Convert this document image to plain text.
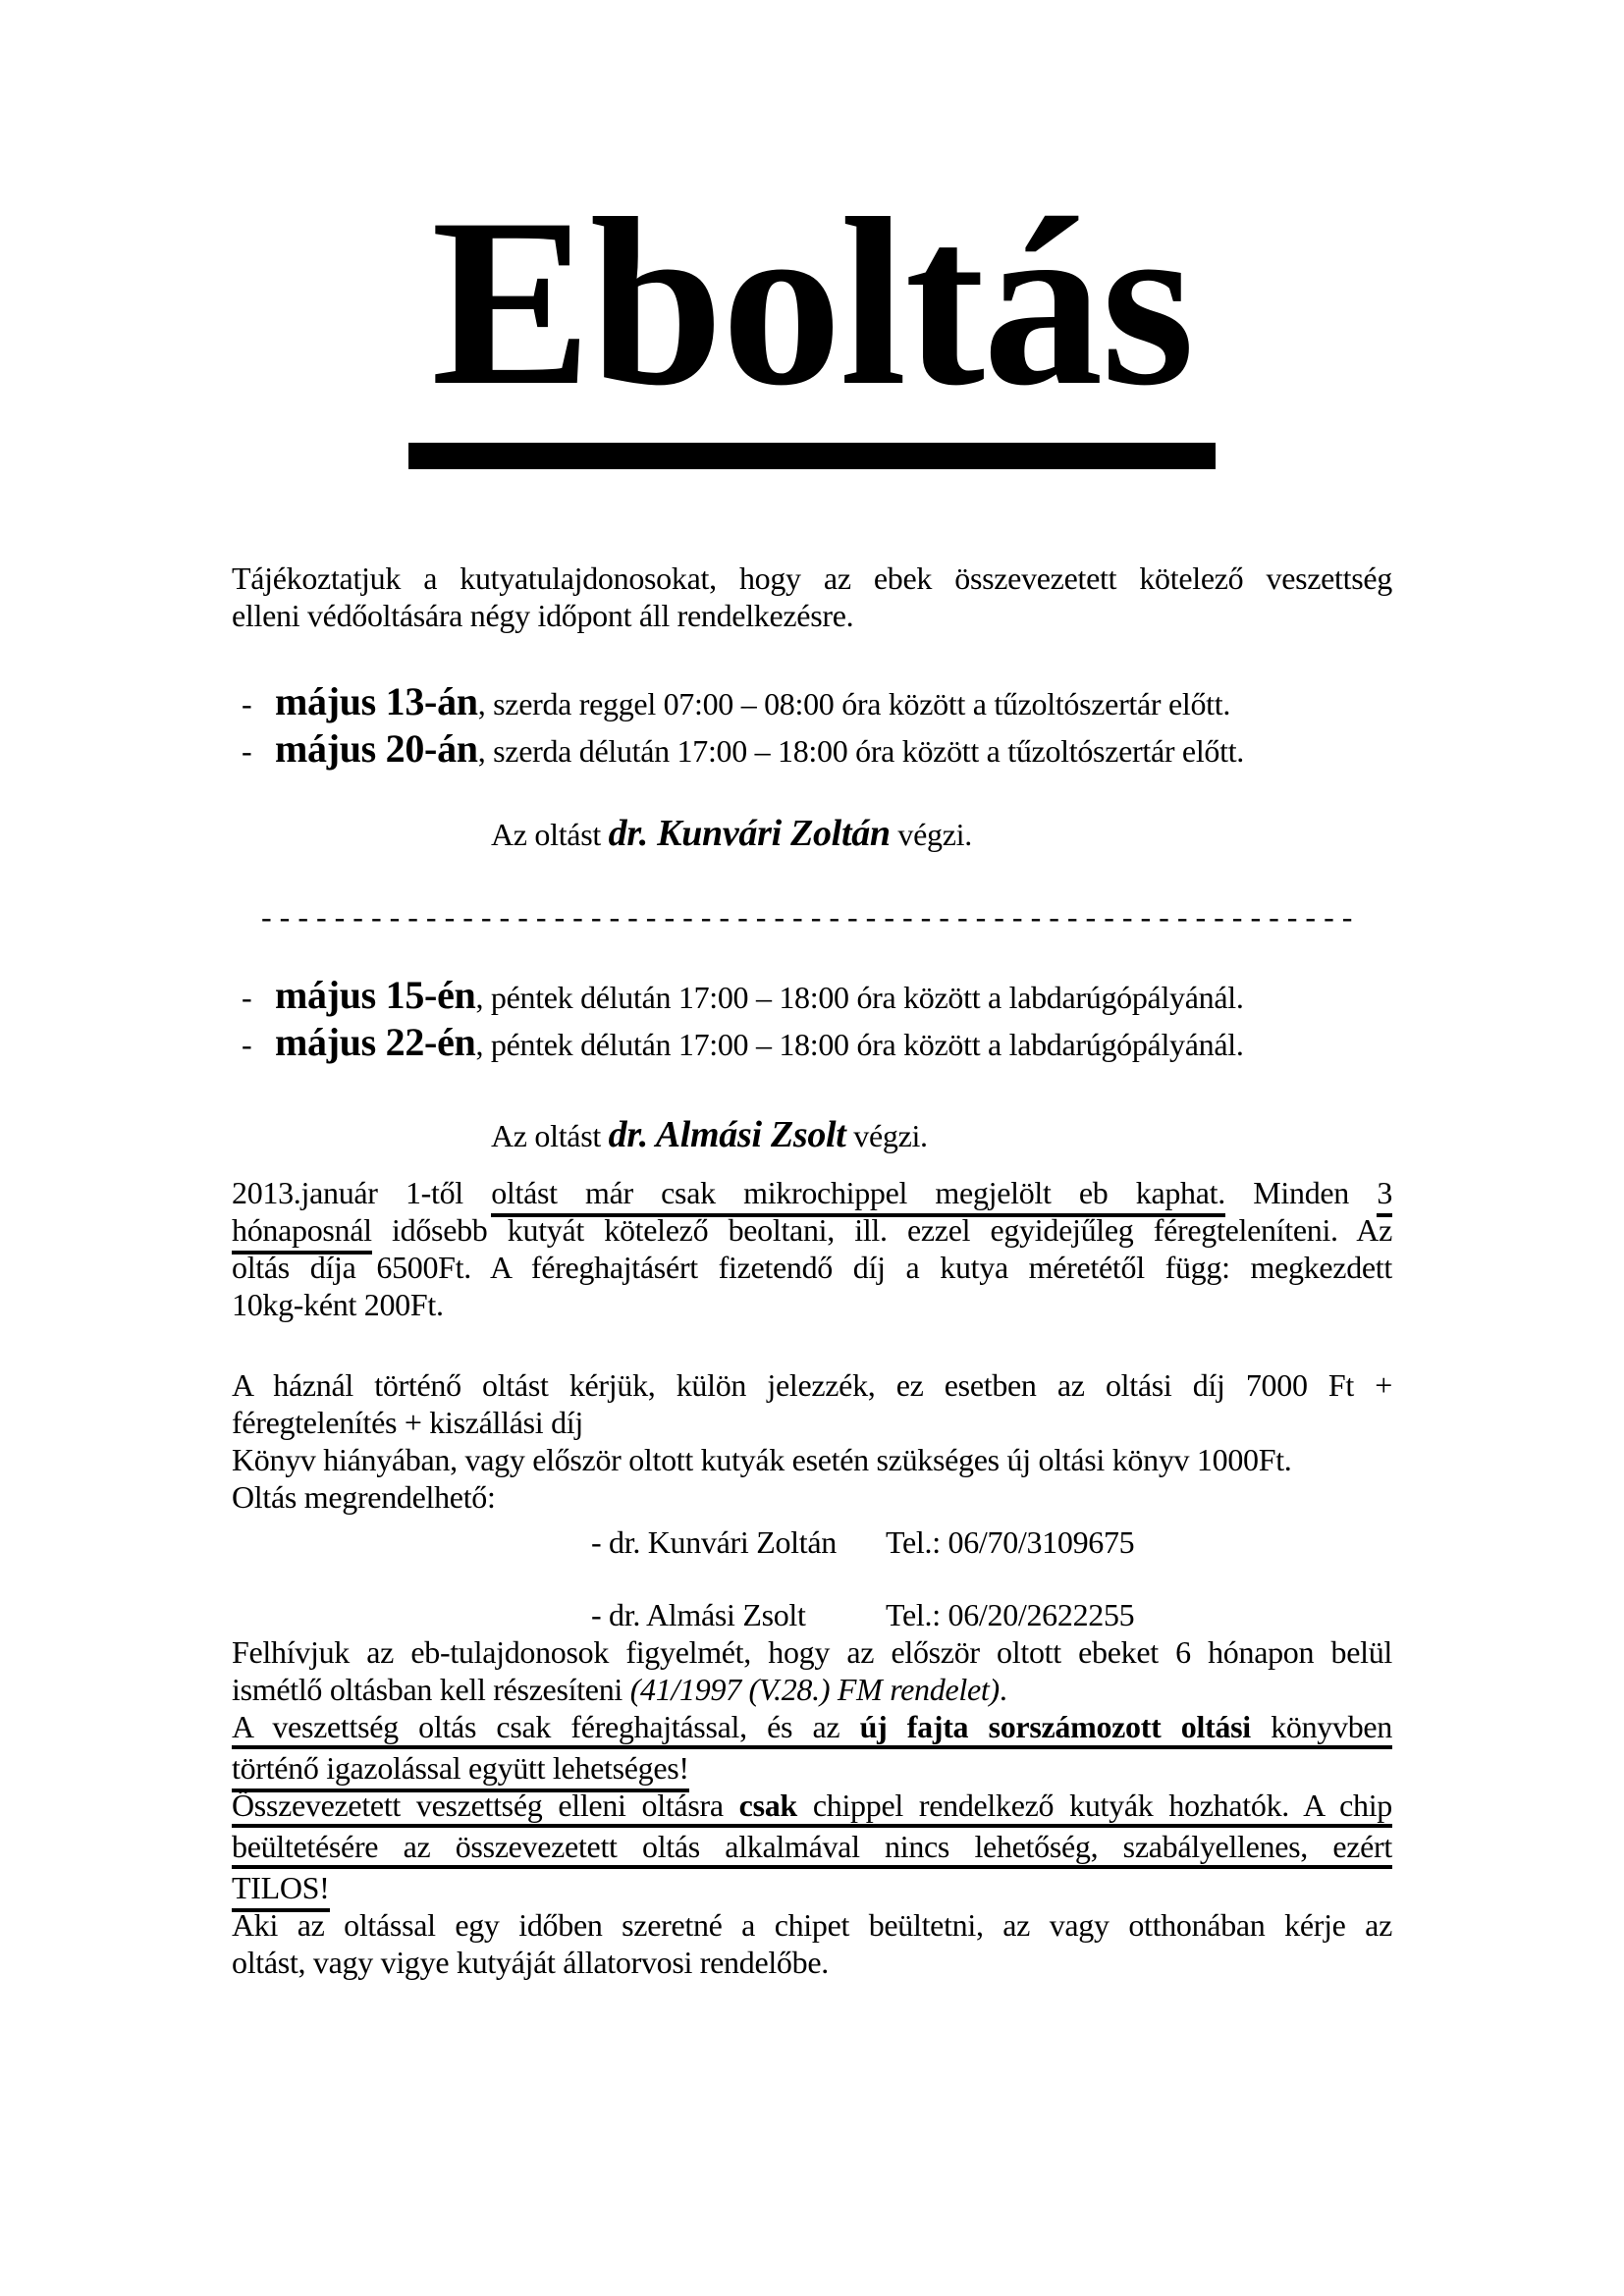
Eboltás
Tájékoztatjuk a kutyatulajdonosokat, hogy az ebek összevezetett kötelező veszettség
elleni védőoltására négy időpont áll rendelkezésre.
- május 13-án, szerda reggel 07:00 – 08:00 óra között a tűzoltószertár előtt.
- május 20-án, szerda délután 17:00 – 18:00 óra között a tűzoltószertár előtt.
Az oltást dr. Kunvári Zoltán végzi.
- - - - - - - - - - - - - - - - - - - - - - - - - - - - - - - - - - - - - - - - - - - - - - - - - - - - - - - - - - - -
- május 15-én, péntek délután 17:00 – 18:00 óra között a labdarúgópályánál.
- május 22-én, péntek délután 17:00 – 18:00 óra között a labdarúgópályánál.
Az oltást dr. Almási Zsolt végzi.
2013.január 1-től oltást már csak mikrochippel megjelölt eb kaphat. Minden 3
hónaposnál idősebb kutyát kötelező beoltani, ill. ezzel egyidejűleg féregteleníteni. Az
oltás díja 6500Ft. A féreghajtásért fizetendő díj a kutya méretétől függ: megkezdett
10kg-ként 200Ft.
A háznál történő oltást kérjük, külön jelezzék, ez esetben az oltási díj 7000 Ft +
féregtelenítés + kiszállási díj
Könyv hiányában, vagy először oltott kutyák esetén szükséges új oltási könyv 1000Ft.
Oltás megrendelhető:
- dr. Kunvári Zoltán Tel.: 06/70/3109675
- dr. Almási Zsolt	Tel.: 06/20/2622255
Felhívjuk az eb-tulajdonosok figyelmét, hogy az először oltott ebeket 6 hónapon belül
ismétlő oltásban kell részesíteni (41/1997 (V.28.) FM rendelet).
A veszettség oltás csak féreghajtással, és az új fajta sorszámozott oltási könyvben
történő igazolással együtt lehetséges!
Összevezetett veszettség elleni oltásra csak chippel rendelkező kutyák hozhatók. A chip
beültetésére az összevezetett oltás alkalmával nincs lehetőség, szabályellenes, ezért
TILOS!
Aki az oltással egy időben szeretné a chipet beültetni, az vagy otthonában kérje az
oltást, vagy vigye kutyáját állatorvosi rendelőbe.
